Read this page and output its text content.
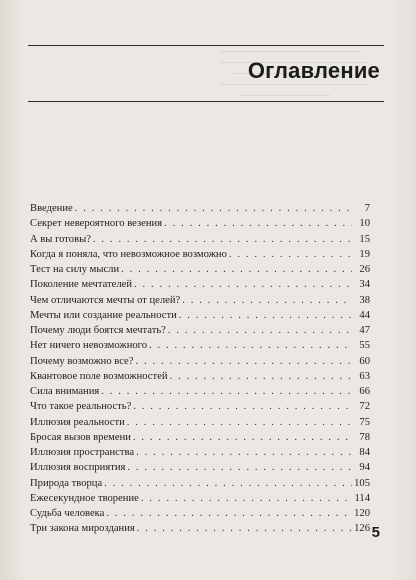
Оглавление
Введение . . .	7
Секрет невероятного везения . . .	10
А вы готовы? . . .	15
Когда я поняла, что невозможное возможно . . .	19
Тест на силу мысли . . .	26
Поколение мечтателей . . .	34
Чем отличаются мечты от целей? . . .	38
Мечты или создание реальности . . .	44
Почему люди боятся мечтать? . . .	47
Нет ничего невозможного . . .	55
Почему возможно все? . . .	60
Квантовое поле возможностей . . .	63
Сила внимания . . .	66
Что такое реальность? . . .	72
Иллюзия реальности . . .	75
Бросая вызов времени . . .	78
Иллюзия пространства . . .	84
Иллюзия восприятия . . .	94
Природа творца . . .	105
Ежесекундное творение . . .	114
Судьба человека . . .	120
Три закона мироздания . . .	126 5
